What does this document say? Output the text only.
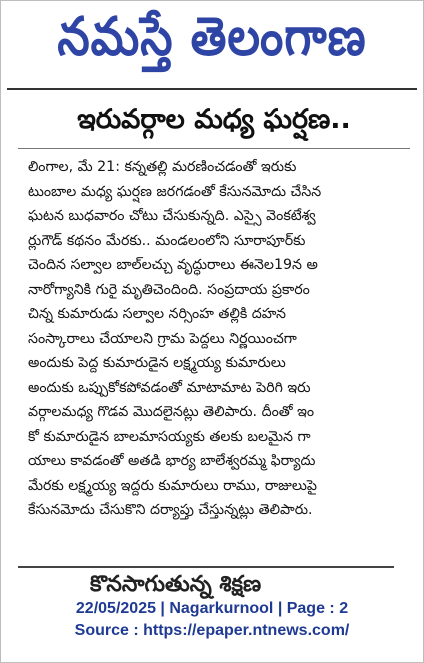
నమస్తే తెలంగాణ
ఇరువర్గాల మధ్య ఘర్షణ..
లింగాల, మే 21: కన్నతల్లి మరణించడంతో ఇరుకు
టుంబాల మధ్య ఘర్షణ జరగడంతో కేసునమోదు చేసిన
ఘటన బుధవారం చోటు చేసుకున్నది. ఎస్సై వెంకటేశ్వ
ర్లుగౌడ్ కథనం మేరకు.. మండలంలోని సూరాపూర్‌కు
చెందిన సల్వాల బాల్‌లచ్చు వృద్ధురాలు ఈనెల19న అ
నారోగ్యానికి గురై మృతిచెందింది. సంప్రదాయ ప్రకారం
చిన్న కుమారుడు సల్వాల నర్సింహ తల్లికి దహన
సంస్కారాలు చేయాలని గ్రామ పెద్దలు నిర్ణయించగా
అందుకు పెద్ద కుమారుడైన లక్ష్మయ్య కుమారులు
అందుకు ఒప్పుకోకపోవడంతో మాటామాట పెరిగి ఇరు
వర్గాలమధ్య గొడవ మొదలైనట్లు తెలిపారు. దీంతో ఇం
కో కుమారుడైన బాలమాసయ్యకు తలకు బలమైన గా
యాలు కావడంతో అతడి భార్య బాలేశ్వరమ్మ ఫిర్యాదు
మేరకు లక్ష్మయ్య ఇద్దరు కుమారులు రాము, రాజులుపై
కేసునమోదు చేసుకొని దర్యాప్తు చేస్తున్నట్లు తెలిపారు.
కొనసాగుతున్న శిక్షణ
22/05/2025 | Nagarkurnool | Page : 2
Source : https://epaper.ntnews.com/
